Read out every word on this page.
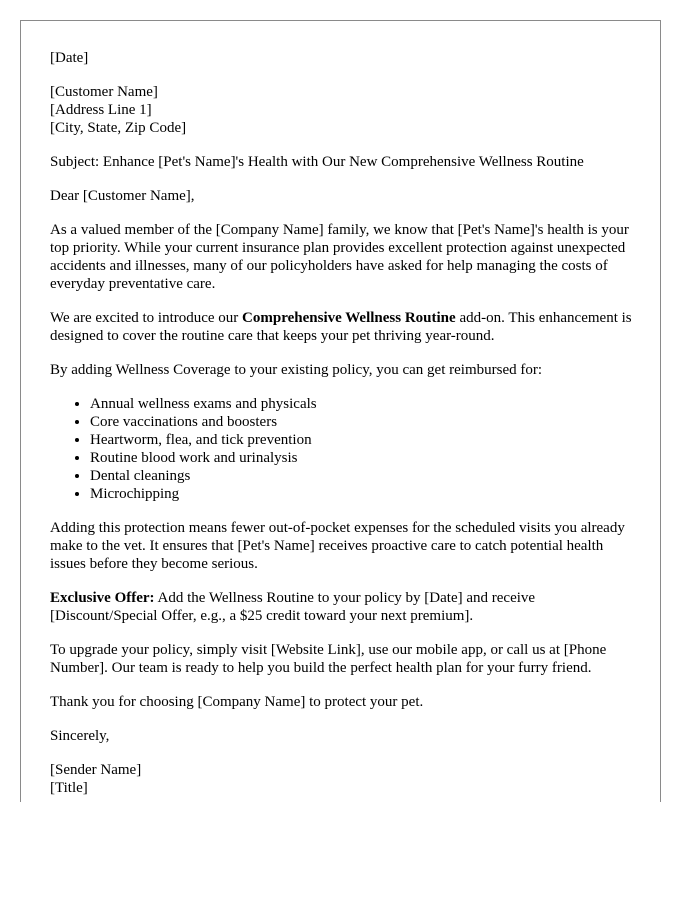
[Date]

[Customer Name]
[Address Line 1]
[City, State, Zip Code]

Subject: Enhance [Pet's Name]'s Health with Our New Comprehensive Wellness Routine

Dear [Customer Name],

As a valued member of the [Company Name] family, we know that [Pet's Name]'s health is your top priority. While your current insurance plan provides excellent protection against unexpected accidents and illnesses, many of our policyholders have asked for help managing the costs of everyday preventative care.

We are excited to introduce our Comprehensive Wellness Routine add-on. This enhancement is designed to cover the routine care that keeps your pet thriving year-round.

By adding Wellness Coverage to your existing policy, you can get reimbursed for:

• Annual wellness exams and physicals
• Core vaccinations and boosters
• Heartworm, flea, and tick prevention
• Routine blood work and urinalysis
• Dental cleanings
• Microchipping

Adding this protection means fewer out-of-pocket expenses for the scheduled visits you already make to the vet. It ensures that [Pet's Name] receives proactive care to catch potential health issues before they become serious.

Exclusive Offer: Add the Wellness Routine to your policy by [Date] and receive [Discount/Special Offer, e.g., a $25 credit toward your next premium].

To upgrade your policy, simply visit [Website Link], use our mobile app, or call us at [Phone Number]. Our team is ready to help you build the perfect health plan for your furry friend.

Thank you for choosing [Company Name] to protect your pet.

Sincerely,

[Sender Name]
[Title]
